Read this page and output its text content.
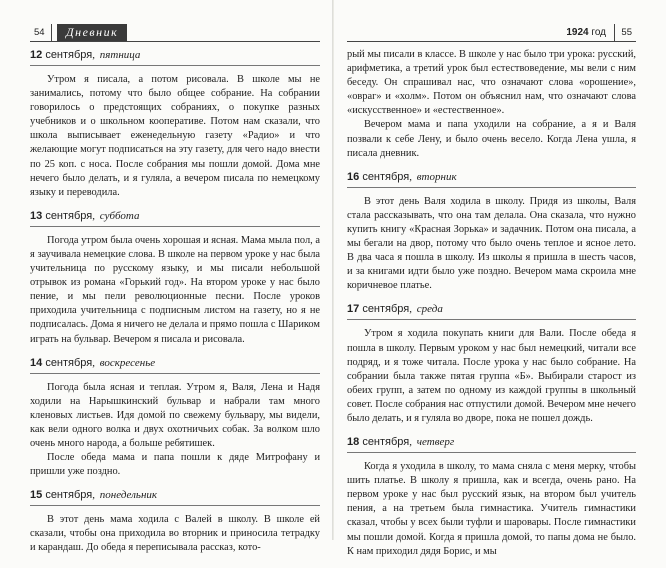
54	Дневник
12 сентября, пятница

Утром я писала, а потом рисовала. В школе мы не занимались, потому что было общее собрание. На собрании говорилось о предстоящих собраниях, о покупке разных учебников и о школьном кооперативе. Потом нам сказали, что школа выписывает еженедельную газету «Радио» и что желающие могут подписаться на эту газету, для чего надо внести по 25 коп. с носа. После собрания мы пошли домой. Дома мне нечего было делать, и я гуляла, а вечером писала по немецкому языку и переводила.

13 сентября, суббота

Погода утром была очень хорошая и ясная. Мама мыла пол, а я заучивала немецкие слова. В школе на первом уроке у нас была учительница по русскому языку, и мы писали небольшой отрывок из романа «Горький год». На втором уроке у нас было пение, и мы пели революционные песни. После уроков приходила учительница с подписным листом на газету, но я не подписалась. Дома я ничего не делала и прямо пошла с Шариком играть на бульвар. Вечером я писала и рисовала.

14 сентября, воскресенье

Погода была ясная и теплая. Утром я, Валя, Лена и Надя ходили на Нарышкинский бульвар и набрали там много кленовых листьев. Идя домой по свежему бульвару, мы видели, как вели одного волка и двух охотничьих собак. За волком шло очень много народа, а больше ребятишек.

После обеда мама и папа пошли к дяде Митрофану и пришли уже поздно.

15 сентября, понедельник

В этот день мама ходила с Валей в школу. В школе ей сказали, чтобы она приходила во вторник и приносила тетрадку и карандаш. До обеда я переписывала рассказ, кото-

1924 год 55

рый мы писали в классе. В школе у нас было три урока: русский, арифметика, а третий урок был естествоведение, мы вели с ним беседу. Он спрашивал нас, что означают слова «орошение», «овраг» и «холм». Потом он объяснил нам, что означают слова «искусственное» и «естественное».

Вечером мама и папа уходили на собрание, а я и Валя позвали к себе Лену, и было очень весело. Когда Лена ушла, я писала дневник.

16 сентября, вторник

В этот день Валя ходила в школу. Придя из школы, Валя стала рассказывать, что она там делала. Она сказала, что нужно купить книгу «Красная Зорька» и задачник. Потом она писала, а мы бегали на двор, потому что было очень теплое и ясное лето. В два часа я пошла в школу. Из школы я пришла в шесть часов, и за книгами идти было уже поздно. Вечером мама скроила мне коричневое платье.

17 сентября, среда

Утром я ходила покупать книги для Вали. После обеда я пошла в школу. Первым уроком у нас был немецкий, читали все подряд, и я тоже читала. После урока у нас было собрание. На собрании была также пятая группа «Б». Выбирали старост из обеих групп, а затем по одному из каждой группы в школьный совет. После собрания нас отпустили домой. Вечером мне нечего было делать, и я гуляла во дворе, пока не пошел дождь.

18 сентября, четверг

Когда я уходила в школу, то мама сняла с меня мерку, чтобы шить платье. В школу я пришла, как и всегда, очень рано. На первом уроке у нас был русский язык, на втором был учитель пения, а на третьем была гимнастика. Учитель гимнастики сказал, чтобы у всех были туфли и шаровары. После гимнастики мы пошли домой. Когда я пришла домой, то папы дома не было. К нам приходил дядя Борис, и мы
